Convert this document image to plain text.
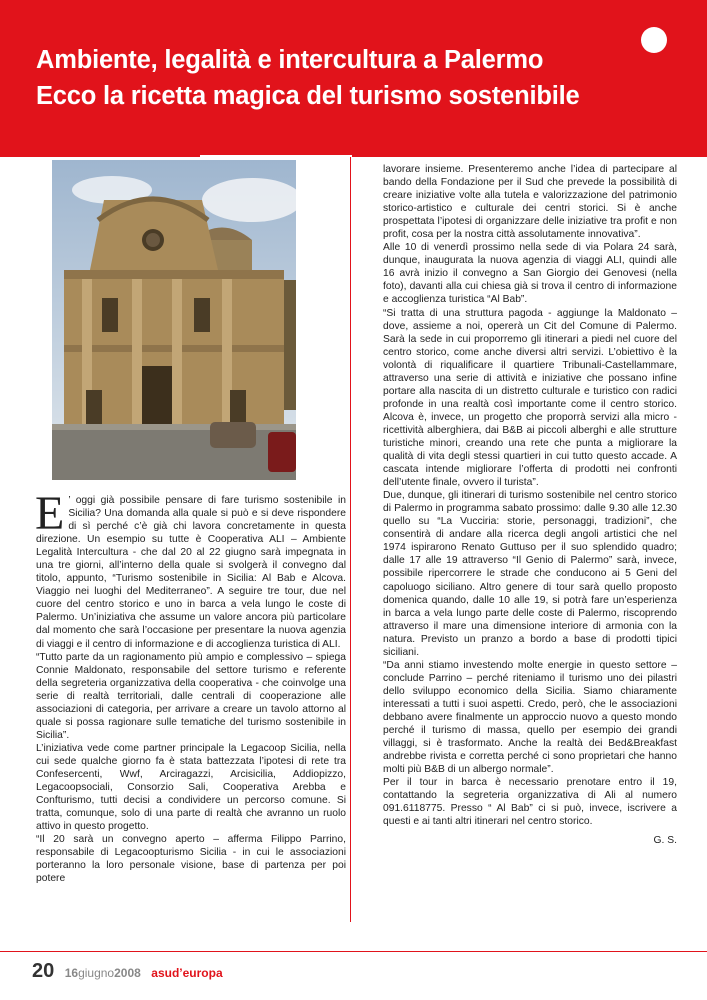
Ambiente, legalità e intercultura a Palermo
Ecco la ricetta magica del turismo sostenibile

E ’ oggi già possibile pensare di fare turismo sostenibile in Sicilia? Una domanda alla quale si può e si deve rispondere di sì perché c’è già chi lavora concretamente in questa direzione. Un esempio su tutte è Cooperativa ALI – Ambiente Legalità Intercultura - che dal 20 al 22 giugno sarà impegnata in una tre giorni, all’interno della quale si svolgerà il convegno dal titolo, appunto, “Turismo sostenibile in Sicilia: Al Bab e Alcova. Viaggio nei luoghi del Mediterraneo”. A seguire tre tour, due nel cuore del centro storico e uno in barca a vela lungo le coste di Palermo. Un’iniziativa che assume un valore ancora più particolare dal momento che sarà l’occasione per presentare la nuova agenzia di viaggi e il centro di informazione e di accoglienza turistica di ALI.

“Tutto parte da un ragionamento più ampio e complessivo – spiega Connie Maldonato, responsabile del settore turismo e referente della segreteria organizzativa della cooperativa - che coinvolge una serie di realtà territoriali, dalle centrali di cooperazione alle associazioni di categoria, per arrivare a creare un tavolo attorno al quale si possa ragionare sulle tematiche del turismo sostenibile in Sicilia”.

L’iniziativa vede come partner principale la Legacoop Sicilia, nella cui sede qualche giorno fa è stata battezzata l’ipotesi di rete tra Confesercenti, Wwf, Arciragazzi, Arcisicilia, Addiopizzo, Legacoopsociali, Consorzio Sali, Cooperativa Arebba e Confturismo, tutti decisi a condividere un percorso comune. Si tratta, comunque, solo di una parte di realtà che avranno un ruolo attivo in questo progetto.

“Il 20 sarà un convegno aperto – afferma Filippo Parrino, responsabile di Legacoopturismo Sicilia - in cui le associazioni porteranno la loro personale visione, base di partenza per poi potere

lavorare insieme. Presenteremo anche l’idea di partecipare al bando della Fondazione per il Sud che prevede la possibilità di creare iniziative volte alla tutela e valorizzazione del patrimonio storico-artistico e culturale dei centri storici. Si è anche prospettata l’ipotesi di organizzare delle iniziative tra profit e non profit, cosa per la nostra città assolutamente innovativa”.

Alle 10 di venerdì prossimo nella sede di via Polara 24 sarà, dunque, inaugurata la nuova agenzia di viaggi ALI, quindi alle 16 avrà inizio il convegno a San Giorgio dei Genovesi (nella foto), davanti alla cui chiesa già si trova il centro di informazione e accoglienza turistica “Al Bab”.

“Si tratta di una struttura pagoda - aggiunge la Maldonato – dove, assieme a noi, opererà un Cit del Comune di Palermo. Sarà la sede in cui proporremo gli itinerari a piedi nel cuore del centro storico, come anche diversi altri servizi. L’obiettivo è la volontà di riqualificare il quartiere Tribunali-Castellammare, attraverso una serie di attività e iniziative che possano infine portare alla nascita di un distretto culturale e turistico con radici profonde in una realtà così importante come il centro storico. Alcova è, invece, un progetto che proporrà servizi alla micro - ricettività alberghiera, dai B&B ai piccoli alberghi e alle strutture turistiche minori, creando una rete che punta a migliorare la qualità di vita degli stessi quartieri in cui tutto questo accade. A cascata intende migliorare l’offerta di prodotti nei confronti dell’utente finale, ovvero il turista”.

Due, dunque, gli itinerari di turismo sostenibile nel centro storico di Palermo in programma sabato prossimo: dalle 9.30 alle 12.30 quello su “La Vucciria: storie, personaggi, tradizioni”, che consentirà di andare alla ricerca degli angoli artistici che nel 1974 ispirarono Renato Guttuso per il suo splendido quadro; dalle 17 alle 19 attraverso “Il Genio di Palermo” sarà, invece, possibile ripercorrere le strade che conducono ai 5 Geni del capoluogo siciliano. Altro genere di tour sarà quello proposto domenica quando, dalle 10 alle 19, si potrà fare un’esperienza in barca a vela lungo parte delle coste di Palermo, riscoprendo attraverso il mare una dimensione interiore di armonia con la natura. Previsto un pranzo a bordo a base di prodotti tipici siciliani.

“Da anni stiamo investendo molte energie in questo settore – conclude Parrino – perché riteniamo il turismo uno dei pilastri dello sviluppo economico della Sicilia. Siamo chiaramente interessati a tutti i suoi aspetti. Credo, però, che le associazioni debbano avere finalmente un approccio nuovo a questo mondo perché il turismo di massa, quello per esempio dei grandi villaggi, si è trasformato. Anche la realtà dei Bed&Breakfast andrebbe rivista e corretta perché ci sono proprietari che hanno molti più B&B di un albergo normale”.

Per il tour in barca è necessario prenotare entro il 19, contattando la segreteria organizzativa di Ali al numero 091.6118775. Presso “ Al Bab” ci si può, invece, iscrivere a questi e ai tanti altri itinerari nel centro storico.

G. S.

20 16giugno2008 asud’europa
